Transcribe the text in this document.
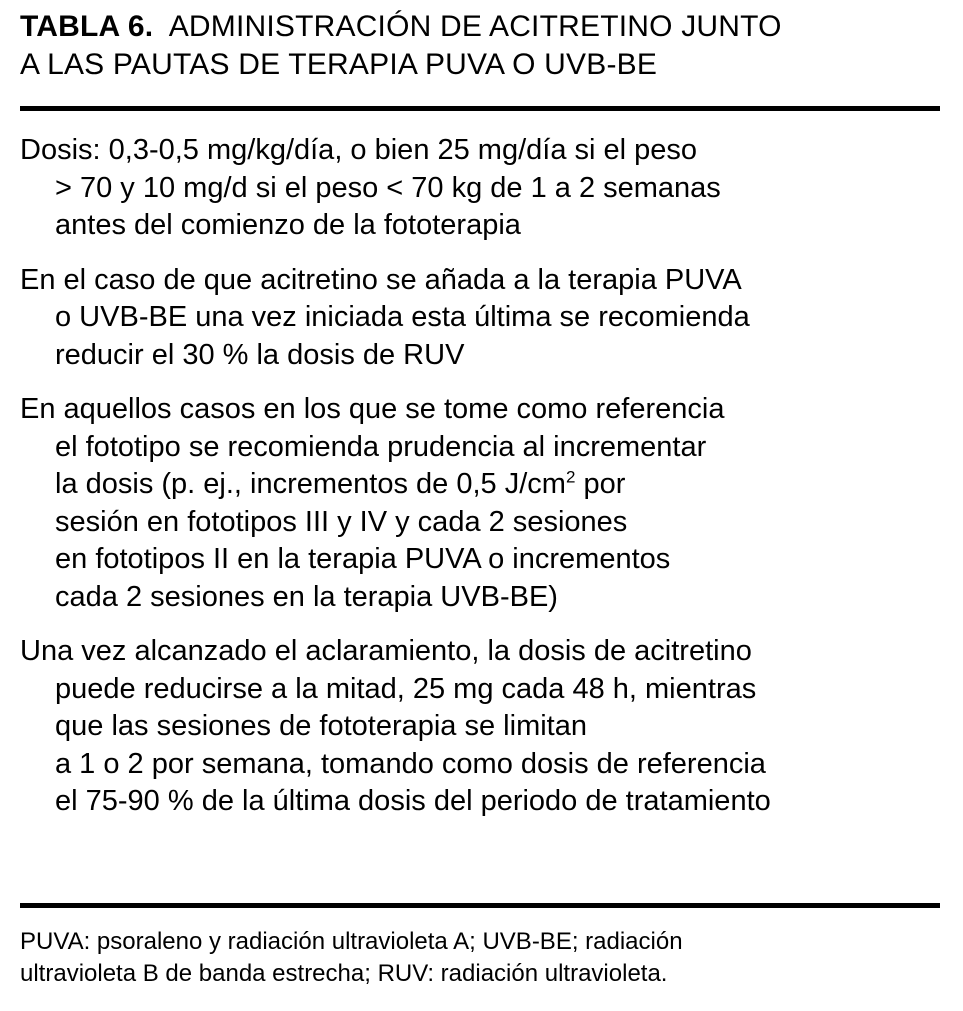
TABLA 6. ADMINISTRACIÓN DE ACITRETINO JUNTO
A LAS PAUTAS DE TERAPIA PUVA O UVB-BE

Dosis: 0,3-0,5 mg/kg/día, o bien 25 mg/día si el peso
> 70 y 10 mg/d si el peso < 70 kg de 1 a 2 semanas
antes del comienzo de la fototerapia

En el caso de que acitretino se añada a la terapia PUVA
o UVB-BE una vez iniciada esta última se recomienda
reducir el 30 % la dosis de RUV

En aquellos casos en los que se tome como referencia
el fototipo se recomienda prudencia al incrementar
la dosis (p. ej., incrementos de 0,5 $J/cm^2$ por
sesión en fototipos III y IV y cada 2 sesiones
en fototipos II en la terapia PUVA o incrementos
cada 2 sesiones en la terapia UVB-BE)

Una vez alcanzado el aclaramiento, la dosis de acitretino
puede reducirse a la mitad, 25 mg cada 48 h, mientras
que las sesiones de fototerapia se limitan
a 1 o 2 por semana, tomando como dosis de referencia
el 75-90 % de la última dosis del periodo de tratamiento

PUVA: psoraleno y radiación ultravioleta A; UVB-BE; radiación
ultravioleta B de banda estrecha; RUV: radiación ultravioleta.
